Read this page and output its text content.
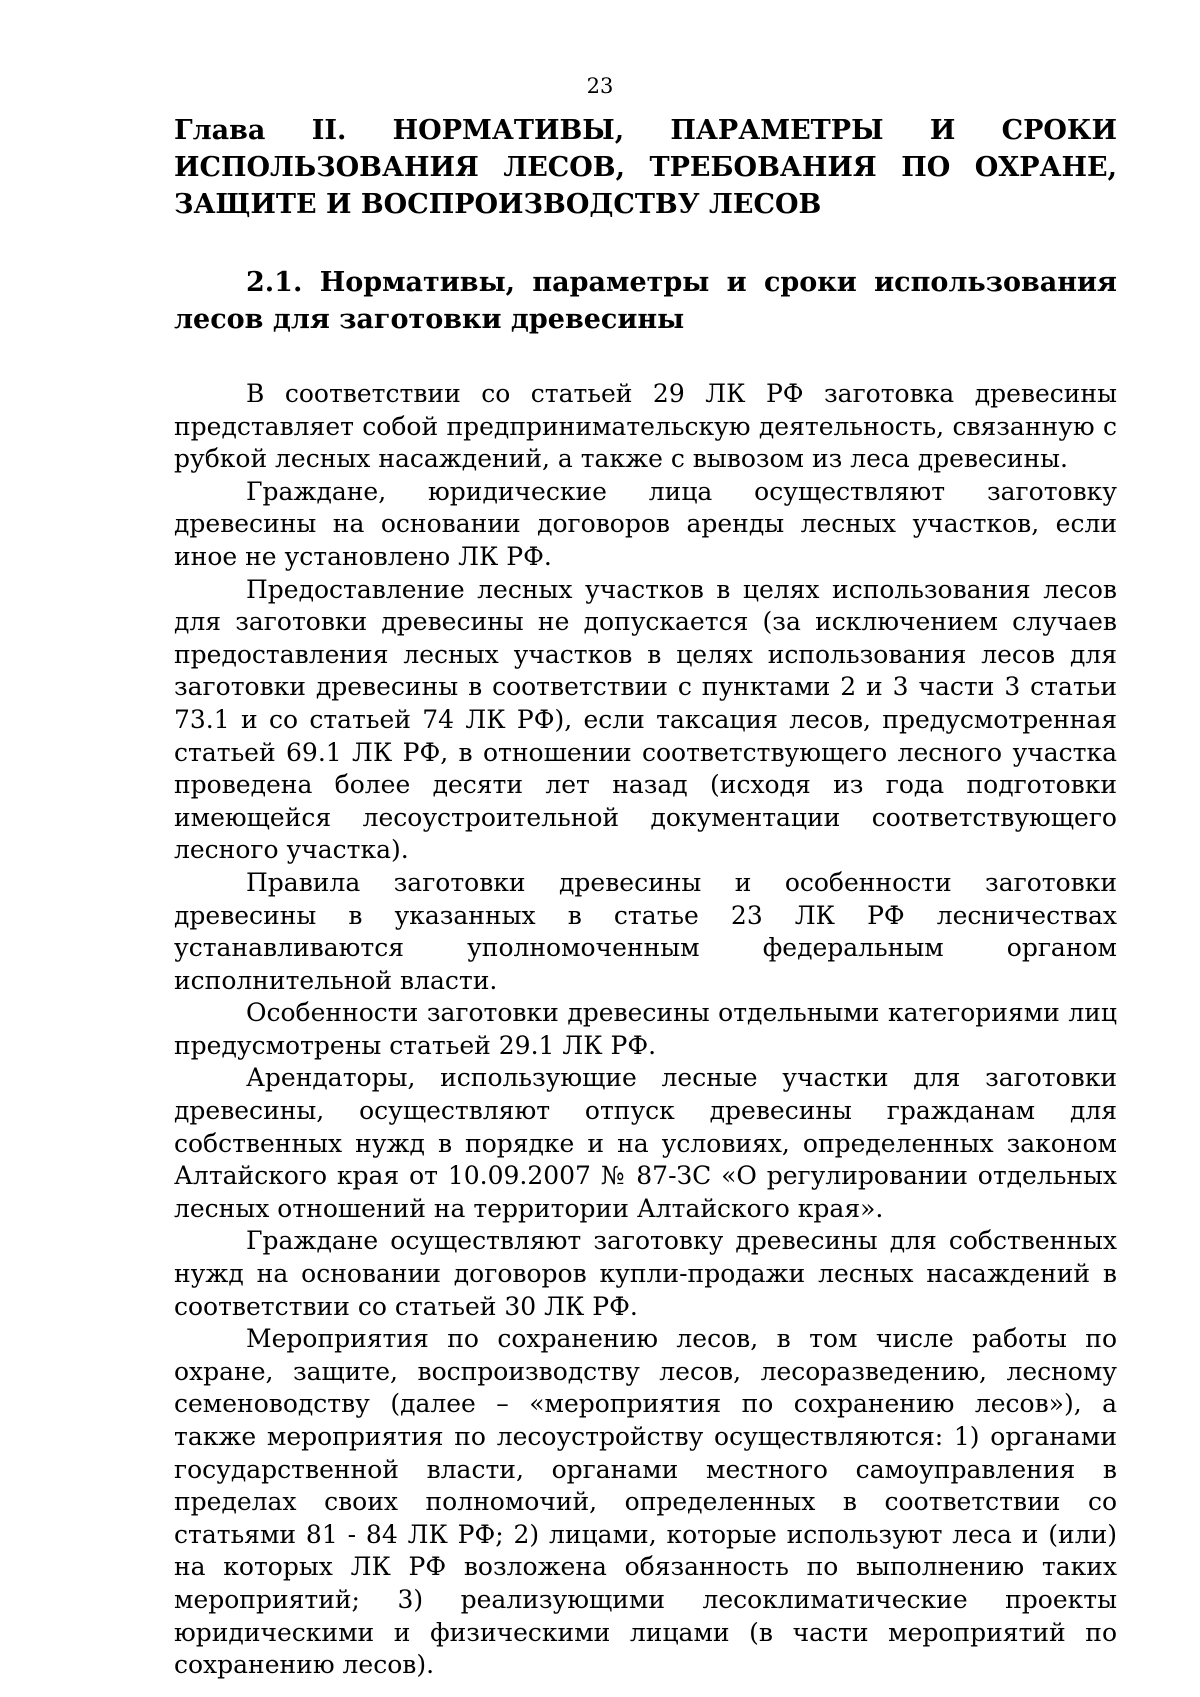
23
Глава II. НОРМАТИВЫ, ПАРАМЕТРЫ И СРОКИ ИСПОЛЬЗОВАНИЯ ЛЕСОВ, ТРЕБОВАНИЯ ПО ОХРАНЕ, ЗАЩИТЕ И ВОСПРОИЗВОДСТВУ ЛЕСОВ
2.1. Нормативы, параметры и сроки использования лесов для заготовки древесины

В соответствии со статьей 29 ЛК РФ заготовка древесины представляет собой предпринимательскую деятельность, связанную с рубкой лесных насаждений, а также с вывозом из леса древесины.

Граждане, юридические лица осуществляют заготовку древесины на основании договоров аренды лесных участков, если иное не установлено ЛК РФ.

Предоставление лесных участков в целях использования лесов для заготовки древесины не допускается (за исключением случаев предоставления лесных участков в целях использования лесов для заготовки древесины в соответствии с пунктами 2 и 3 части 3 статьи 73.1 и со статьей 74 ЛК РФ), если таксация лесов, предусмотренная статьей 69.1 ЛК РФ, в отношении соответствующего лесного участка проведена более десяти лет назад (исходя из года подготовки имеющейся лесоустроительной документации соответствующего лесного участка).

Правила заготовки древесины и особенности заготовки древесины в указанных в статье 23 ЛК РФ лесничествах устанавливаются уполномоченным федеральным органом исполнительной власти.

Особенности заготовки древесины отдельными категориями лиц предусмотрены статьей 29.1 ЛК РФ.

Арендаторы, использующие лесные участки для заготовки древесины, осуществляют отпуск древесины гражданам для собственных нужд в порядке и на условиях, определенных законом Алтайского края от 10.09.2007 № 87-ЗС «О регулировании отдельных лесных отношений на территории Алтайского края».

Граждане осуществляют заготовку древесины для собственных нужд на основании договоров купли-продажи лесных насаждений в соответствии со статьей 30 ЛК РФ.

Мероприятия по сохранению лесов, в том числе работы по охране, защите, воспроизводству лесов, лесоразведению, лесному семеноводству (далее – «мероприятия по сохранению лесов»), а также мероприятия по лесоустройству осуществляются: 1) органами государственной власти, органами местного самоуправления в пределах своих полномочий, определенных в соответствии со статьями 81 - 84 ЛК РФ; 2) лицами, которые используют леса и (или) на которых ЛК РФ возложена обязанность по выполнению таких мероприятий; 3) реализующими лесоклиматические проекты юридическими и физическими лицами (в части мероприятий по сохранению лесов).
